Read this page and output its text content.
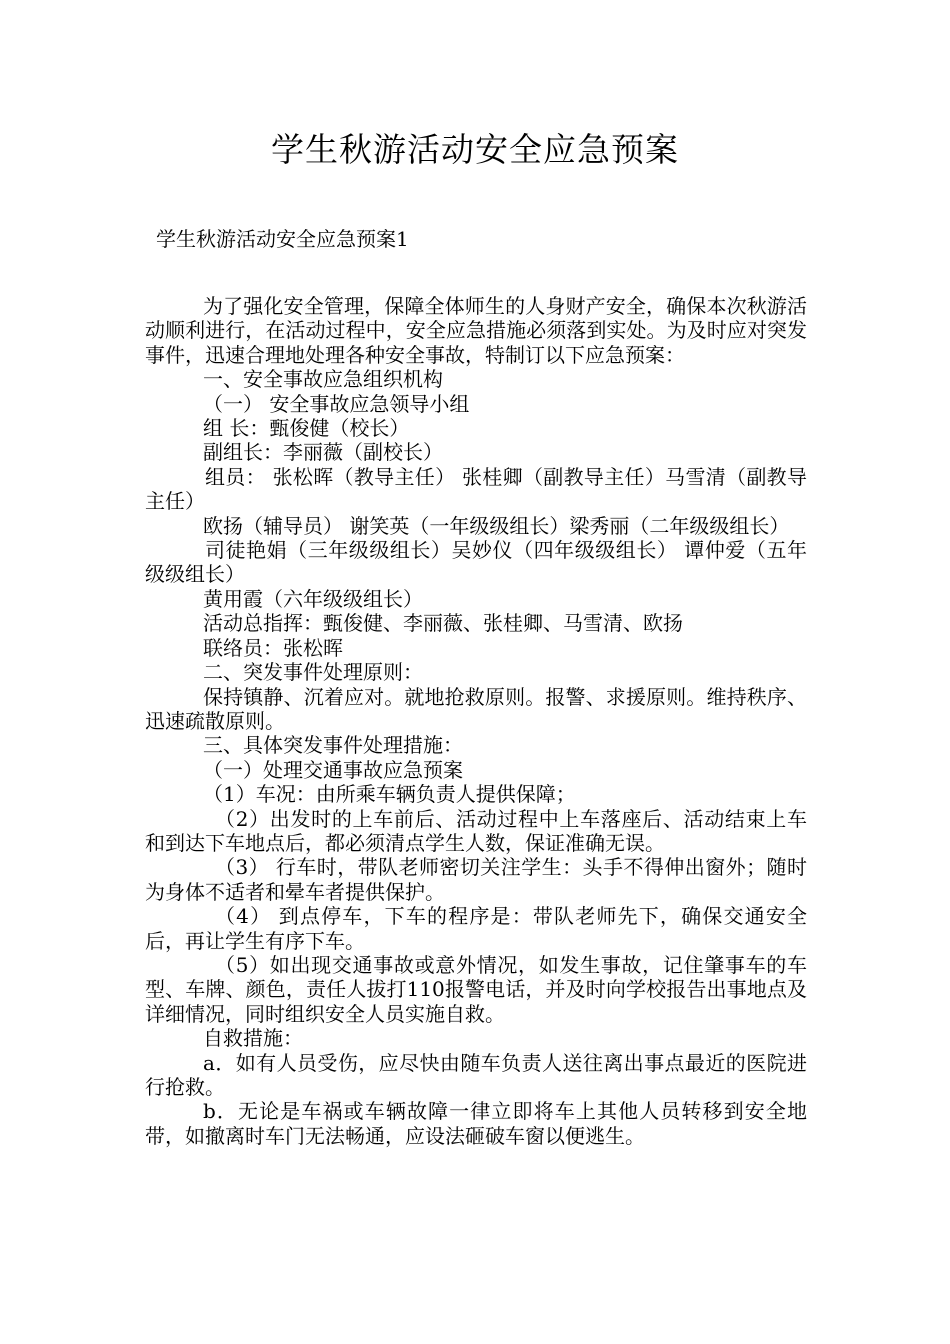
学生秋游活动安全应急预案
学生秋游活动安全应急预案1

为了强化安全管理，保障全体师生的人身财产安全，确保本次秋游活动顺利进行，在活动过程中，安全应急措施必须落到实处。为及时应对突发事件，迅速合理地处理各种安全事故，特制订以下应急预案：

一、安全事故应急组织机构

（一） 安全事故应急领导小组

组 长：甄俊健（校长）

副组长：李丽薇（副校长）

组员： 张松晖（教导主任） 张桂卿（副教导主任）马雪清（副教导主任）

欧扬（辅导员） 谢笑英（一年级级组长）梁秀丽（二年级级组长）

司徒艳娟（三年级级组长）吴妙仪（四年级级组长） 谭仲爱（五年级级组长）

黄用霞（六年级级组长）

活动总指挥：甄俊健、李丽薇、张桂卿、马雪清、欧扬

联络员：张松晖

二、突发事件处理原则：

保持镇静、沉着应对。就地抢救原则。报警、求援原则。维持秩序、迅速疏散原则。

三、具体突发事件处理措施：

（一）处理交通事故应急预案

（1）车况：由所乘车辆负责人提供保障；

（2）出发时的上车前后、活动过程中上车落座后、活动结束上车和到达下车地点后，都必须清点学生人数，保证准确无误。

（3） 行车时，带队老师密切关注学生：头手不得伸出窗外；随时为身体不适者和晕车者提供保护。

（4） 到点停车，下车的程序是：带队老师先下，确保交通安全后，再让学生有序下车。

（5）如出现交通事故或意外情况，如发生事故，记住肇事车的车型、车牌、颜色，责任人拔打110报警电话，并及时向学校报告出事地点及详细情况，同时组织安全人员实施自救。

自救措施：

a．如有人员受伤，应尽快由随车负责人送往离出事点最近的医院进行抢救。

b．无论是车祸或车辆故障一律立即将车上其他人员转移到安全地带，如撤离时车门无法畅通，应设法砸破车窗以便逃生。
